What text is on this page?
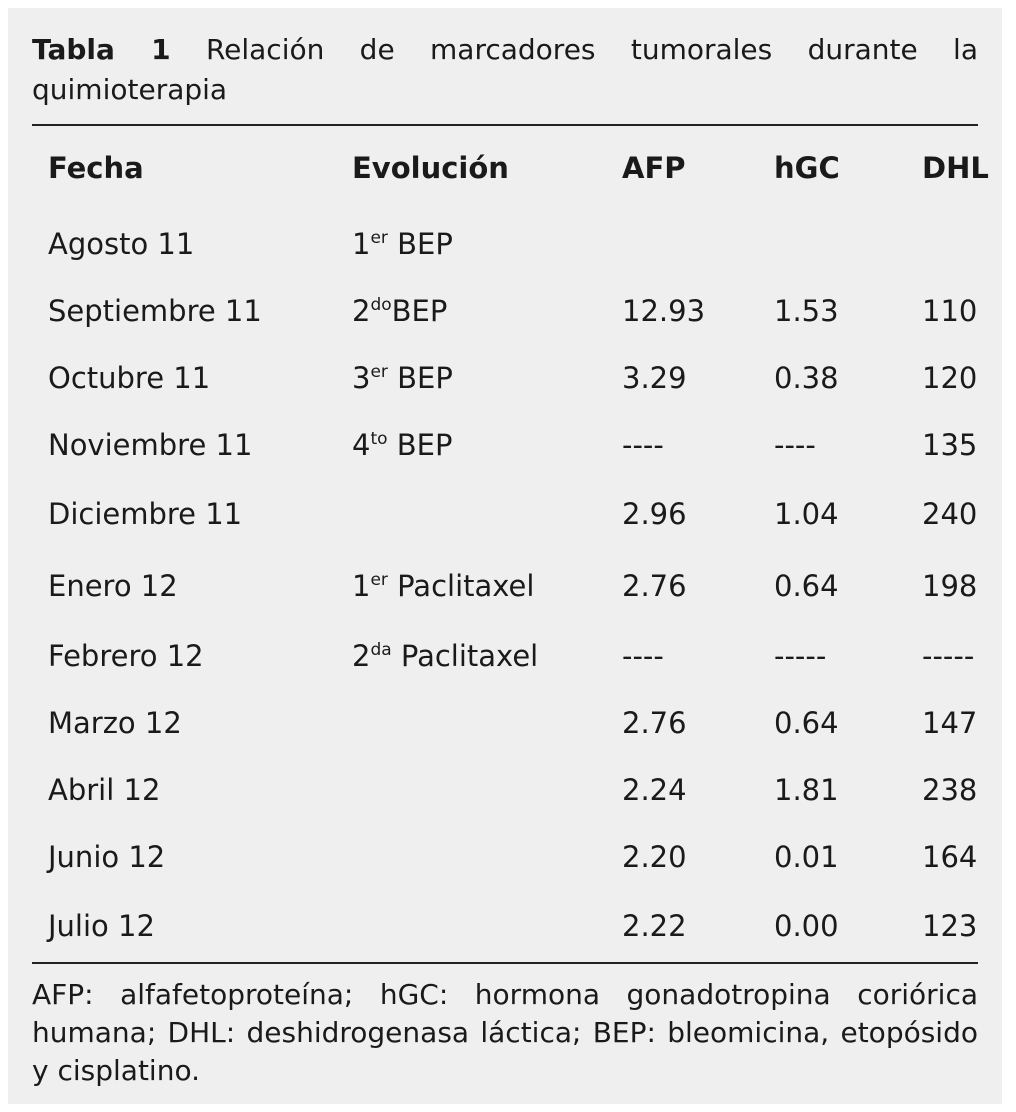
Tabla 1 Relación de marcadores tumorales durante la quimioterapia

Fecha	Evolución	AFP	hGC	DHL
Agosto 11	1er BEP			
Septiembre 11	$2^{do}BEP$	12.93	1.53	110
Octubre 11	3er BEP	3.29	0.38	120
Noviembre 11	$4^{to}$ BEP	----	----	135
Diciembre 11		2.96	1.04	240
Enero 12	1er Paclitaxel	2.76	0.64	198
Febrero 12	$2^{da}$ Paclitaxel	----	-----	-----
Marzo 12		2.76	0.64	147
Abril 12		2.24	1.81	238
Junio 12		2.20	0.01	164
Julio 12		2.22	0.00	123

AFP: alfafetoproteína; hGC: hormona gonadotropina coriórica humana; DHL: deshidrogenasa láctica; BEP: bleomicina, etopósido y cisplatino.
